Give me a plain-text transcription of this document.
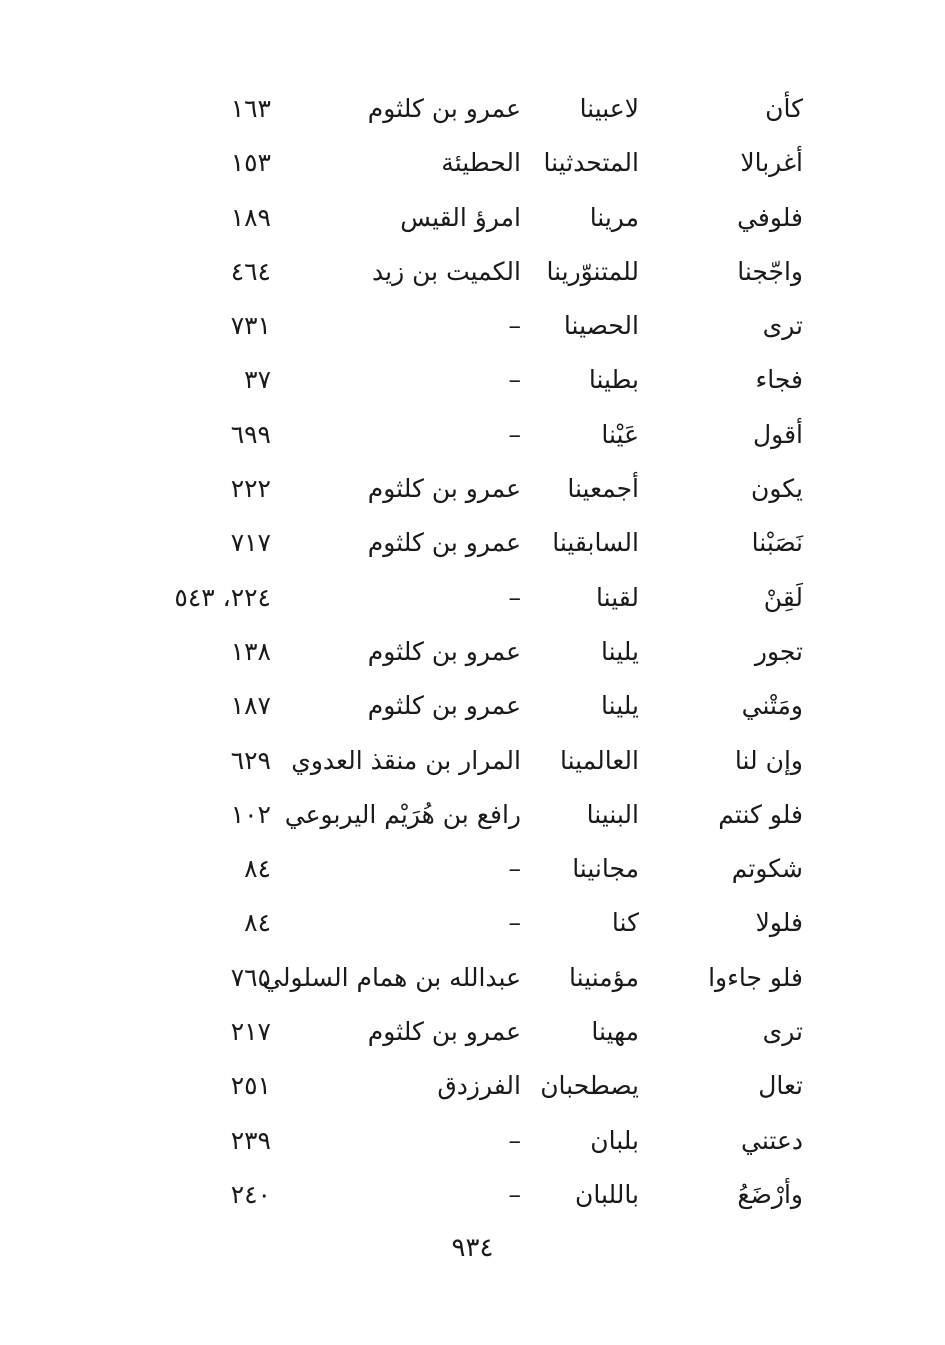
كأن
لاعبينا
عمرو بن كلثوم
١٦٣
أغربالا
المتحدثينا
الحطيئة
١٥٣
فلوفي
مرينا
امرؤ القيس
١٨٩
واجّجنا
للمتنوّرينا
الكميت بن زيد
٤٦٤
ترى
الحصينا
–
٧٣١
فجاء
بطينا
–
٣٧
أقول
عَيْنا
–
٦٩٩
يكون
أجمعينا
عمرو بن كلثوم
٢٢٢
نَصَبْنا
السابقينا
عمرو بن كلثوم
٧١٧
لَقِنْ
لقينا
–
٢٢٤، ٥٤٣
تجور
يلينا
عمرو بن كلثوم
١٣٨
ومَتْني
يلينا
عمرو بن كلثوم
١٨٧
وإن لنا
العالمينا
المرار بن منقذ العدوي
٦٢٩
فلو كنتم
البنينا
رافع بن هُرَيْم اليربوعي
١٠٢
شكوتم
مجانينا
–
٨٤
فلولا
كنا
–
٨٤
فلو جاءوا
مؤمنينا
عبدالله بن همام السلولي
٧٦٥
ترى
مهينا
عمرو بن كلثوم
٢١٧
تعال
يصطحبان
الفرزدق
٢٥١
دعتني
بلبان
–
٢٣٩
وأرْضَعُ
باللبان
–
٢٤٠
٩٣٤
